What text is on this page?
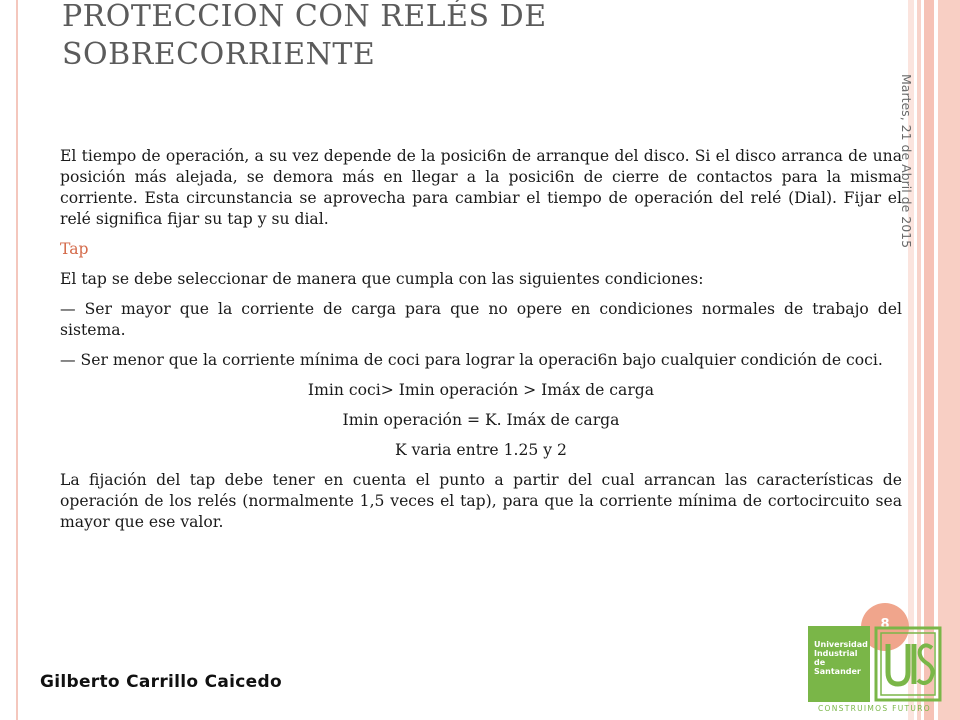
PROTECCION CON RELÉS DE SOBRECORRIENTE
Martes, 21 de Abril de 2015

El tiempo de operación, a su vez depende de la posici6n de arranque del disco. Si el disco arranca de una posición más alejada, se demora más en llegar a la posici6n de cierre de contactos para la misma corriente. Esta circunstancia se aprovecha para cambiar el tiempo de operación del relé (Dial). Fijar el relé significa fijar su tap y su dial.

Tap

El tap se debe seleccionar de manera que cumpla con las siguientes condiciones:

— Ser mayor que la corriente de carga para que no opere en condiciones normales de trabajo del sistema.

— Ser menor que la corriente mínima de coci para lograr la operaci6n bajo cualquier condición de coci.

Imin coci> Imin operación > Imáx de carga

Imin operación = K. Imáx de carga

K varia entre 1.25 y 2

La fijación del tap debe tener en cuenta el punto a partir del cual arrancan las características de operación de los relés (normalmente 1,5 veces el tap), para que la corriente mínima de cortocircuito sea mayor que ese valor.

8
Gilberto Carrillo Caicedo
Universidad
Industrial de
Santander
CONSTRUIMOS FUTURO
